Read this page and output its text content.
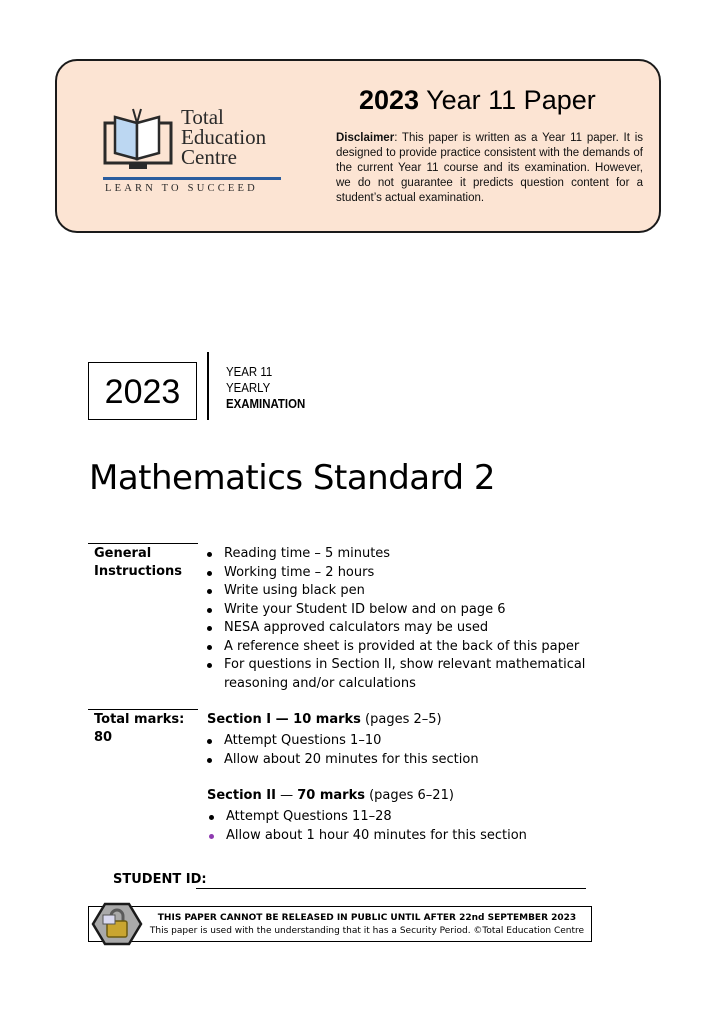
Total
Education
Centre
LEARN TO SUCCEED
2023 Year 11 Paper
Disclaimer: This paper is written as a Year 11 paper. It is designed to provide practice consistent with the demands of the current Year 11 course and its examination. However, we do not guarantee it predicts question content for a student’s actual examination.
2023
YEAR 11
YEARLY
EXAMINATION
Mathematics Standard 2
General
Instructions
Reading time – 5 minutes
Working time – 2 hours
Write using black pen
Write your Student ID below and on page 6
NESA approved calculators may be used
A reference sheet is provided at the back of this paper
For questions in Section II, show relevant mathematical reasoning and/or calculations
Total marks:
80
Section I — 10 marks (pages 2–5)
Attempt Questions 1–10
Allow about 20 minutes for this section
Section II — 70 marks (pages 6–21)
Attempt Questions 11–28
Allow about 1 hour 40 minutes for this section
STUDENT ID:
THIS PAPER CANNOT BE RELEASED IN PUBLIC UNTIL AFTER 22nd SEPTEMBER 2023
This paper is used with the understanding that it has a Security Period. ©Total Education Centre
